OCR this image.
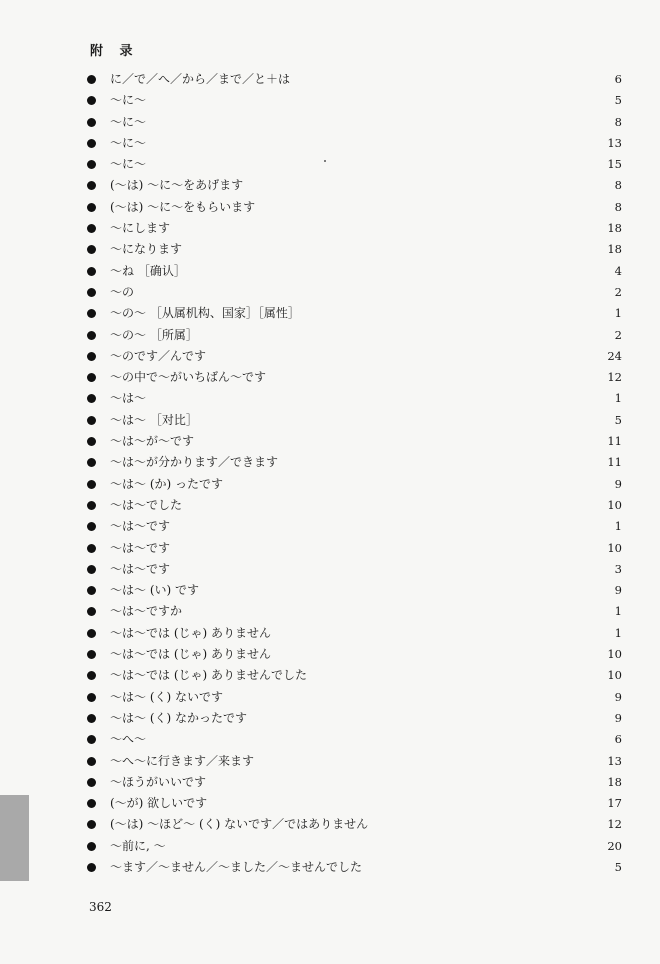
附 录
に／で／へ／から／まで／と＋は	6
～に～	5
～に～	8
～に～	13
～に～	15
(～は) ～に～をあげます	8
(～は) ～に～をもらいます	8
～にします	18
～になります	18
～ね ［确认］	4
～の	2
～の～ ［从属机构、国家］［属性］	1
～の～ ［所属］	2
～のです／んです	24
～の中で～がいちばん～です	12
～は～	1
～は～ ［对比］	5
～は～が～です	11
～は～が分かります／できます	11
～は～ (か) ったです	9
～は～でした	10
～は～です	1
～は～です	10
～は～です	3
～は～ (い) です	9
～は～ですか	1
～は～では (じゃ) ありません	1
～は～では (じゃ) ありません	10
～は～では (じゃ) ありませんでした	10
～は～ (く) ないです	9
～は～ (く) なかったです	9
～へ～	6
～へ～に行きます／来ます	13
～ほうがいいです	18
(～が) 欲しいです	17
(～は) ～ほど～ (く) ないです／ではありません	12
～前に, ～	20
～ます／～ません／～ました／～ませんでした	5
362
